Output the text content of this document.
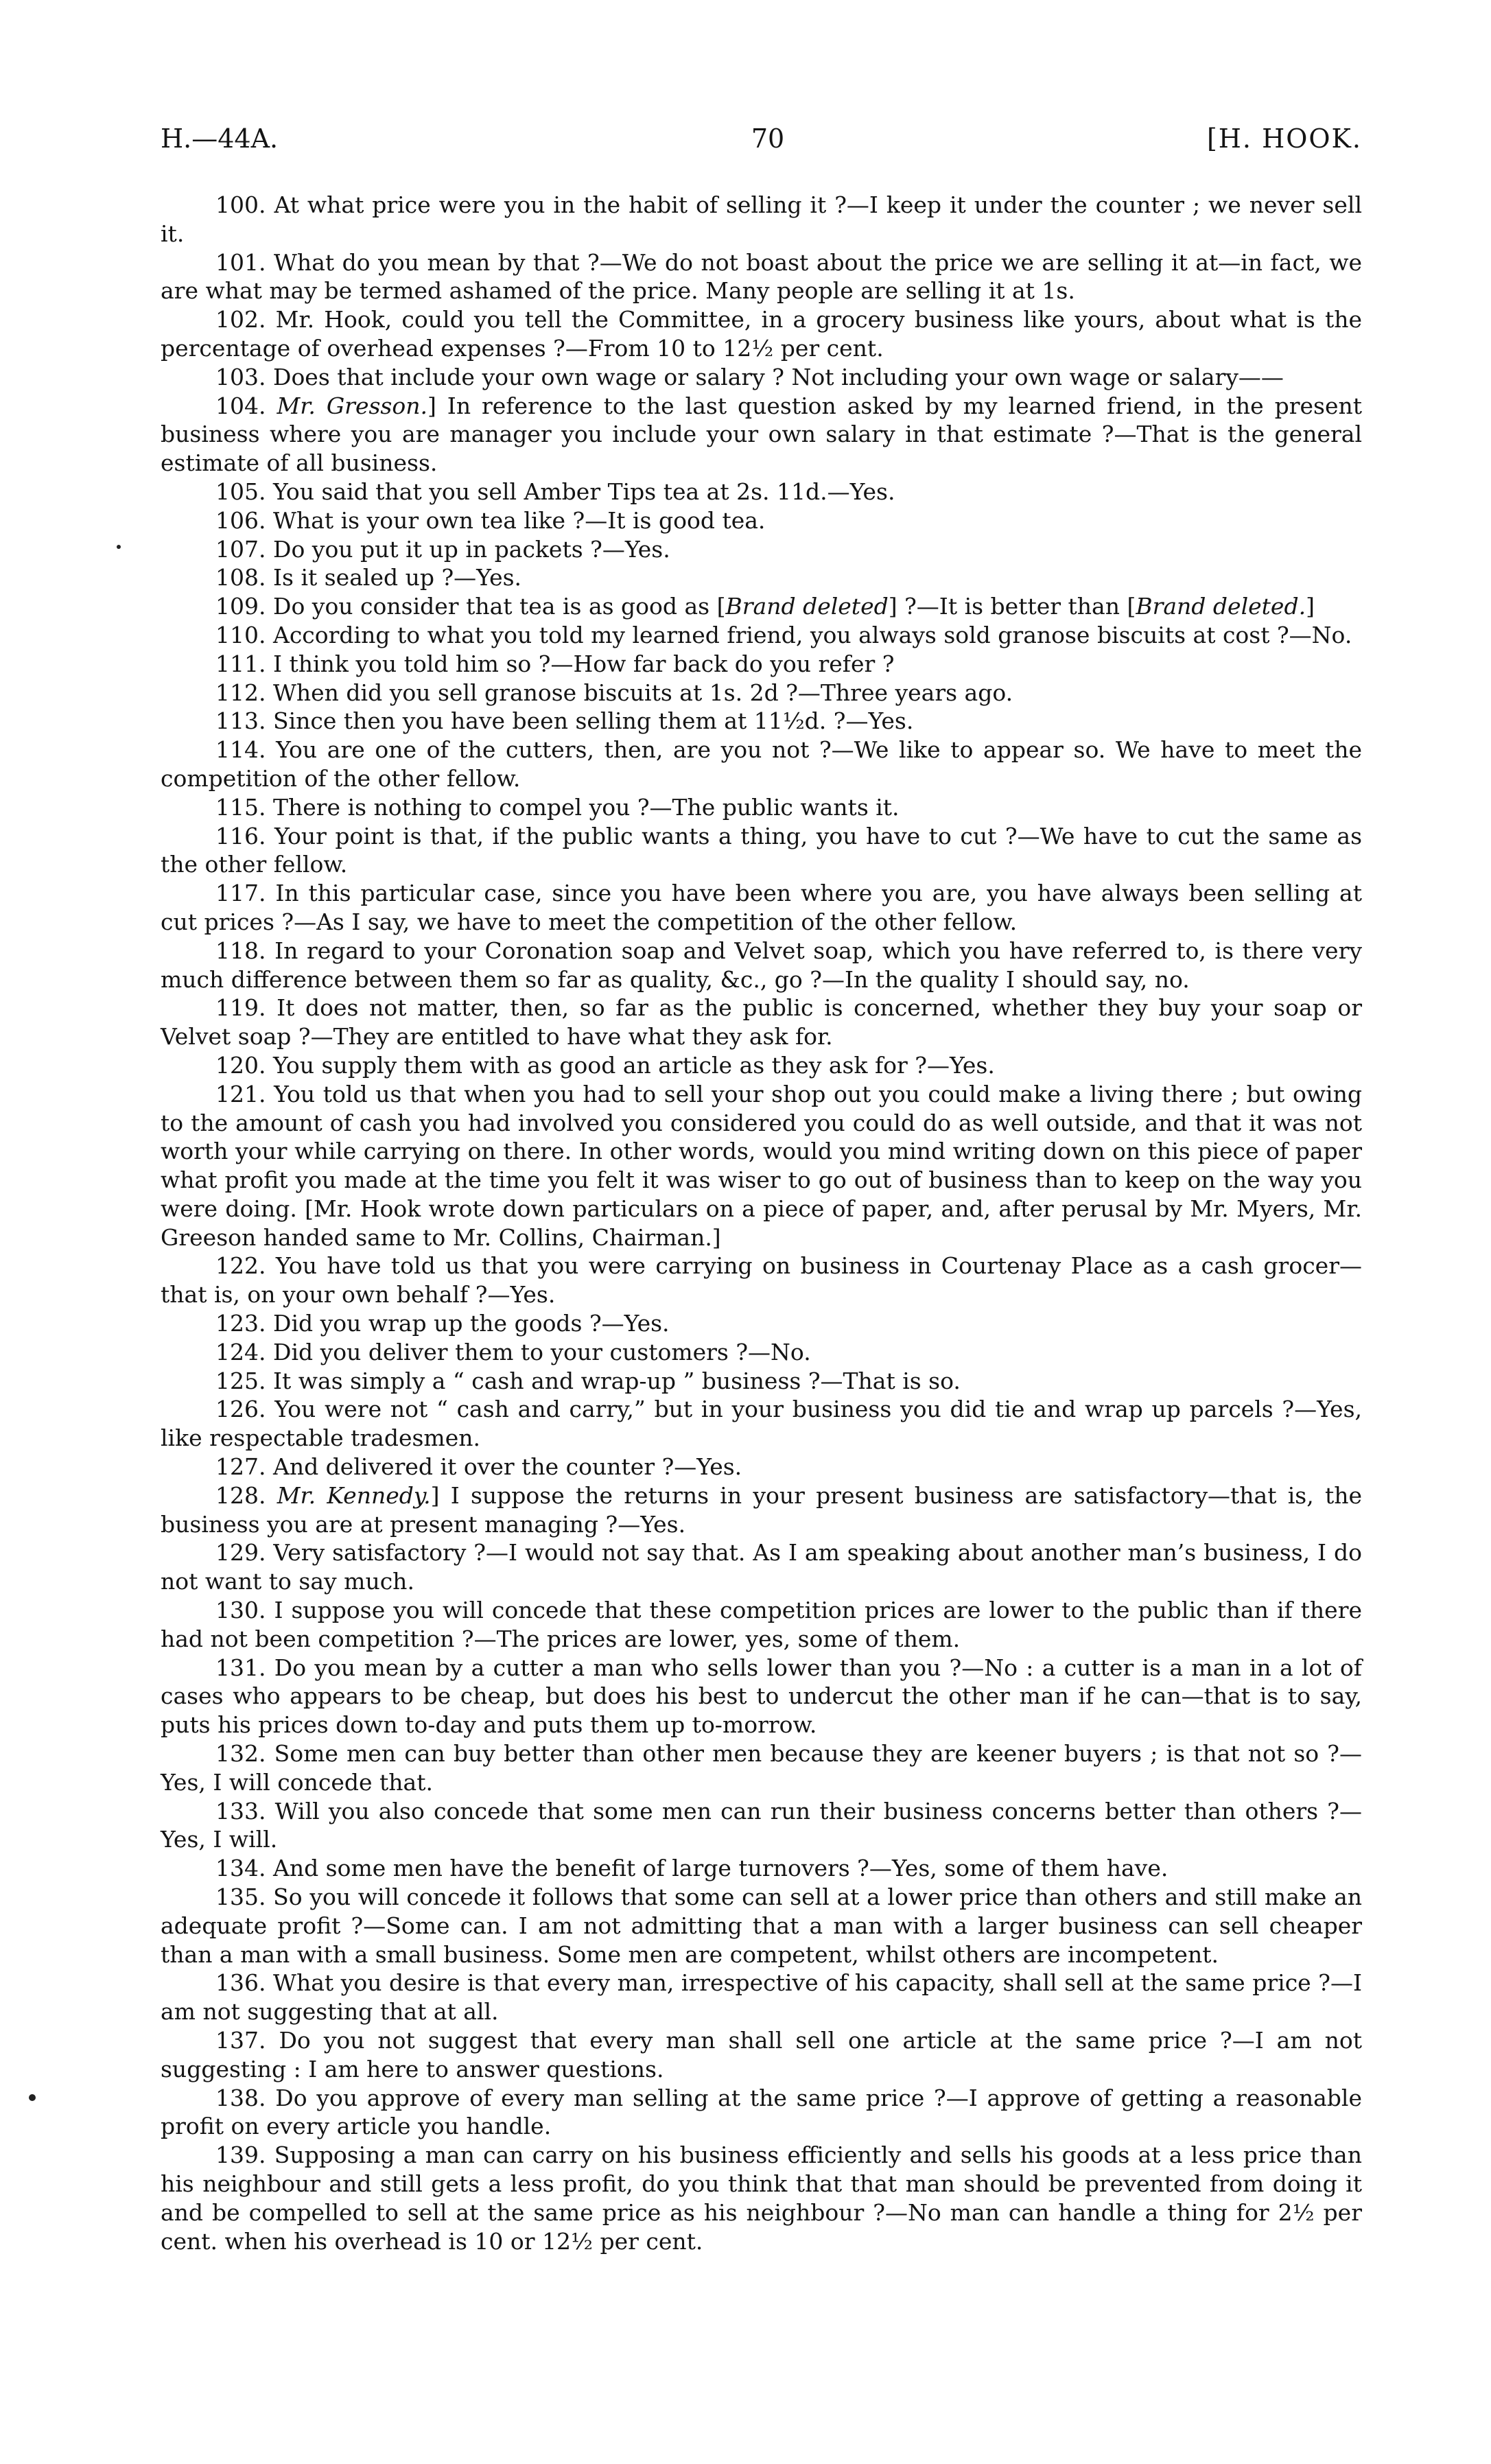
H.—44A.	70	[H. HOOK.

100. At what price were you in the habit of selling it ?—I keep it under the counter ; we never sell it.

101. What do you mean by that ?—We do not boast about the price we are selling it at—in fact, we are what may be termed ashamed of the price. Many people are selling it at 1s.

102. Mr. Hook, could you tell the Committee, in a grocery business like yours, about what is the percentage of overhead expenses ?—From 10 to 12½ per cent.

103. Does that include your own wage or salary ? Not including your own wage or salary——

104. Mr. Gresson.] In reference to the last question asked by my learned friend, in the present business where you are manager you include your own salary in that estimate ?—That is the general estimate of all business.

105. You said that you sell Amber Tips tea at 2s. 11d.—Yes.

106. What is your own tea like ?—It is good tea.

107. Do you put it up in packets ?—Yes.

108. Is it sealed up ?—Yes.

109. Do you consider that tea is as good as [Brand deleted] ?—It is better than [Brand deleted.]

110. According to what you told my learned friend, you always sold granose biscuits at cost ?—No.

111. I think you told him so ?—How far back do you refer ?

112. When did you sell granose biscuits at 1s. 2d ?—Three years ago.

113. Since then you have been selling them at 11½d. ?—Yes.

114. You are one of the cutters, then, are you not ?—We like to appear so. We have to meet the competition of the other fellow.

115. There is nothing to compel you ?—The public wants it.

116. Your point is that, if the public wants a thing, you have to cut ?—We have to cut the same as the other fellow.

117. In this particular case, since you have been where you are, you have always been selling at cut prices ?—As I say, we have to meet the competition of the other fellow.

118. In regard to your Coronation soap and Velvet soap, which you have referred to, is there very much difference between them so far as quality, &c., go ?—In the quality I should say, no.

119. It does not matter, then, so far as the public is concerned, whether they buy your soap or Velvet soap ?—They are entitled to have what they ask for.

120. You supply them with as good an article as they ask for ?—Yes.

121. You told us that when you had to sell your shop out you could make a living there ; but owing to the amount of cash you had involved you considered you could do as well outside, and that it was not worth your while carrying on there. In other words, would you mind writing down on this piece of paper what profit you made at the time you felt it was wiser to go out of business than to keep on the way you were doing. [Mr. Hook wrote down particulars on a piece of paper, and, after perusal by Mr. Myers, Mr. Greeson handed same to Mr. Collins, Chairman.]

122. You have told us that you were carrying on business in Courtenay Place as a cash grocer—that is, on your own behalf ?—Yes.

123. Did you wrap up the goods ?—Yes.

124. Did you deliver them to your customers ?—No.

125. It was simply a “ cash and wrap-up ” business ?—That is so.

126. You were not “ cash and carry,” but in your business you did tie and wrap up parcels ?—Yes, like respectable tradesmen.

127. And delivered it over the counter ?—Yes.

128. Mr. Kennedy.] I suppose the returns in your present business are satisfactory—that is, the business you are at present managing ?—Yes.

129. Very satisfactory ?—I would not say that. As I am speaking about another man’s business, I do not want to say much.

130. I suppose you will concede that these competition prices are lower to the public than if there had not been competition ?—The prices are lower, yes, some of them.

131. Do you mean by a cutter a man who sells lower than you ?—No : a cutter is a man in a lot of cases who appears to be cheap, but does his best to undercut the other man if he can—that is to say, puts his prices down to-day and puts them up to-morrow.

132. Some men can buy better than other men because they are keener buyers ; is that not so ?—Yes, I will concede that.

133. Will you also concede that some men can run their business concerns better than others ?—Yes, I will.

134. And some men have the benefit of large turnovers ?—Yes, some of them have.

135. So you will concede it follows that some can sell at a lower price than others and still make an adequate profit ?—Some can. I am not admitting that a man with a larger business can sell cheaper than a man with a small business. Some men are competent, whilst others are incompetent.

136. What you desire is that every man, irrespective of his capacity, shall sell at the same price ?—I am not suggesting that at all.

137. Do you not suggest that every man shall sell one article at the same price ?—I am not suggesting : I am here to answer questions.

138. Do you approve of every man selling at the same price ?—I approve of getting a reasonable profit on every article you handle.

139. Supposing a man can carry on his business efficiently and sells his goods at a less price than his neighbour and still gets a less profit, do you think that that man should be prevented from doing it and be compelled to sell at the same price as his neighbour ?—No man can handle a thing for 2½ per cent. when his overhead is 10 or 12½ per cent.
